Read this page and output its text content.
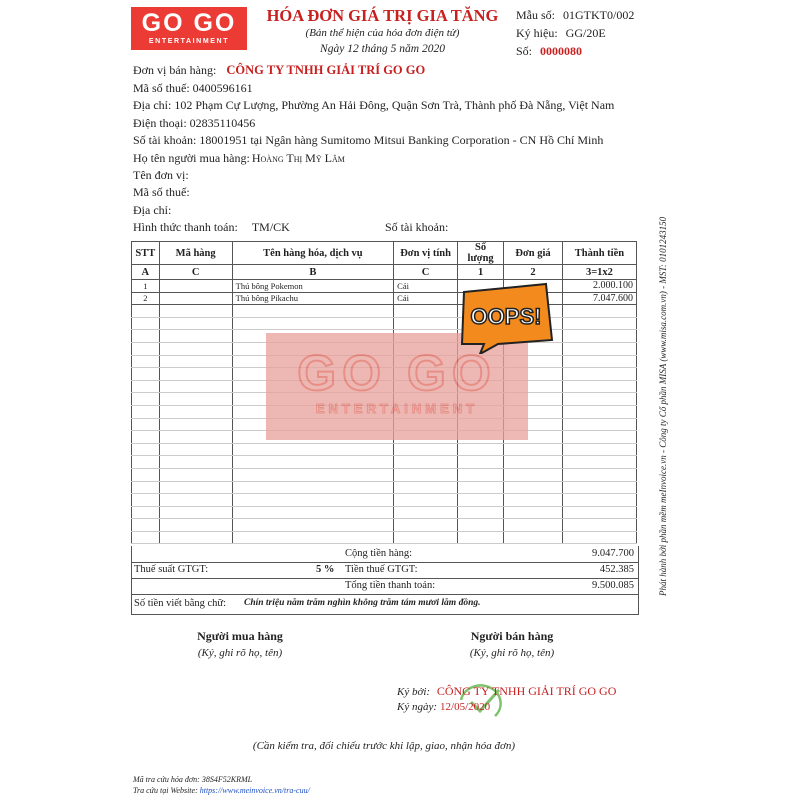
GO GO
ENTERTAINMENT
HÓA ĐƠN GIÁ TRỊ GIA TĂNG
(Bản thể hiện của hóa đơn điện tử)
Ngày 12 tháng 5 năm 2020
Mẫu số: 01GTKT0/002
Ký hiệu: GG/20E
Số: 0000080
Đơn vị bán hàng: CÔNG TY TNHH GIẢI TRÍ GO GO
Mã số thuế: 0400596161
Địa chỉ: 102 Phạm Cự Lượng, Phường An Hải Đông, Quận Sơn Trà, Thành phố Đà Nẵng, Việt Nam
Điện thoại: 02835110456
Số tài khoản: 18001951 tại Ngân hàng Sumitomo Mitsui Banking Corporation - CN Hồ Chí Minh
Họ tên người mua hàng: Hoàng Thị Mỹ Lâm
Tên đơn vị:
Mã số thuế:
Địa chỉ:
Hình thức thanh toán: TM/CK	Số tài khoản:
STT	Mã hàng	Tên hàng hóa, dịch vụ	Đơn vị tính	Số lượng	Đơn giá	Thành tiền
A	C	B	C	1	2	3=1x2
1		Thú bông Pokemon	Cái			2.000.100
2		Thú bông Pikachu	Cái			7.047.600

GO GO
ENTERTAINMENT
OOPS!
Cộng tiền hàng:	9.047.700
Thuế suất GTGT:	5 % Tiền thuế GTGT:	452.385
Tổng tiền thanh toán:	9.500.085
Số tiền viết bằng chữ: Chín triệu năm trăm nghìn không trăm tám mươi lăm đồng.
Người mua hàng
(Ký, ghi rõ họ, tên)
Người bán hàng
(Ký, ghi rõ họ, tên)
Ký bởi: CÔNG TY TNHH GIẢI TRÍ GO GO
Ký ngày: 12/05/2020
(Cần kiểm tra, đối chiếu trước khi lập, giao, nhận hóa đơn)
Mã tra cứu hóa đơn: 38S4F52KRML
Tra cứu tại Website: https://www.meinvoice.vn/tra-cuu/
Phát hành bởi phần mềm meInvoice.vn - Công ty Cổ phần MISA (www.misa.com.vn) - MST: 0101243150
